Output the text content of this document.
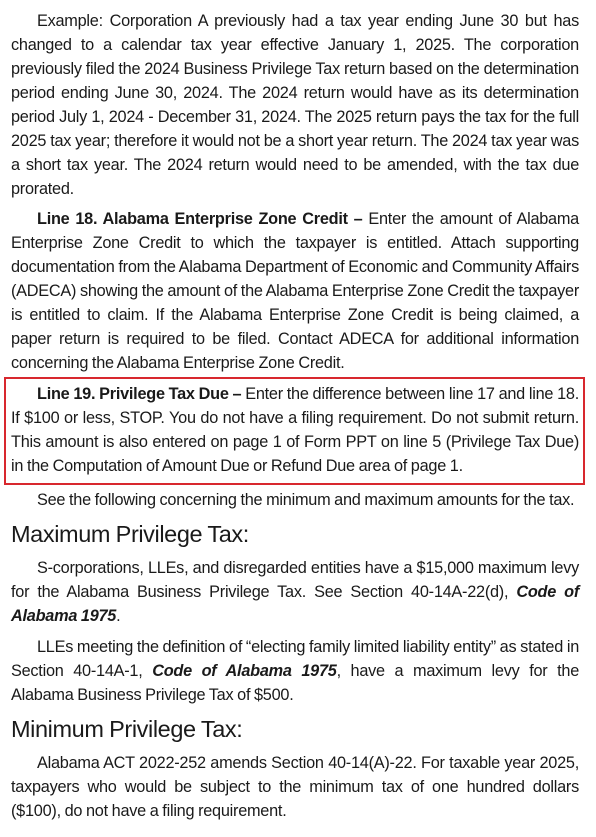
Example: Corporation A previously had a tax year ending June 30 but has changed to a calendar tax year effective January 1, 2025. The corporation previously filed the 2024 Business Privilege Tax return based on the determination period ending June 30, 2024. The 2024 return would have as its determination period July 1, 2024 - December 31, 2024. The 2025 return pays the tax for the full 2025 tax year; therefore it would not be a short year return. The 2024 tax year was a short tax year. The 2024 return would need to be amended, with the tax due prorated.

Line 18. Alabama Enterprise Zone Credit – Enter the amount of Alabama Enterprise Zone Credit to which the taxpayer is entitled. Attach supporting documentation from the Alabama Department of Economic and Community Affairs (ADECA) showing the amount of the Alabama Enterprise Zone Credit the taxpayer is entitled to claim. If the Alabama Enterprise Zone Credit is being claimed, a paper return is required to be filed. Contact ADECA for additional information concerning the Alabama Enterprise Zone Credit.

Line 19. Privilege Tax Due – Enter the difference between line 17 and line 18. If $100 or less, STOP. You do not have a filing requirement. Do not submit return. This amount is also entered on page 1 of Form PPT on line 5 (Privilege Tax Due) in the Computation of Amount Due or Refund Due area of page 1.

See the following concerning the minimum and maximum amounts for the tax.

Maximum Privilege Tax:

S-corporations, LLEs, and disregarded entities have a $15,000 maximum levy for the Alabama Business Privilege Tax. See Section 40-14A-22(d), Code of Alabama 1975.

LLEs meeting the definition of “electing family limited liability entity” as stated in Section 40-14A-1, Code of Alabama 1975, have a maximum levy for the Alabama Business Privilege Tax of $500.

Minimum Privilege Tax:

Alabama ACT 2022-252 amends Section 40-14(A)-22. For taxable year 2025, taxpayers who would be subject to the minimum tax of one hundred dollars ($100), do not have a filing requirement.
